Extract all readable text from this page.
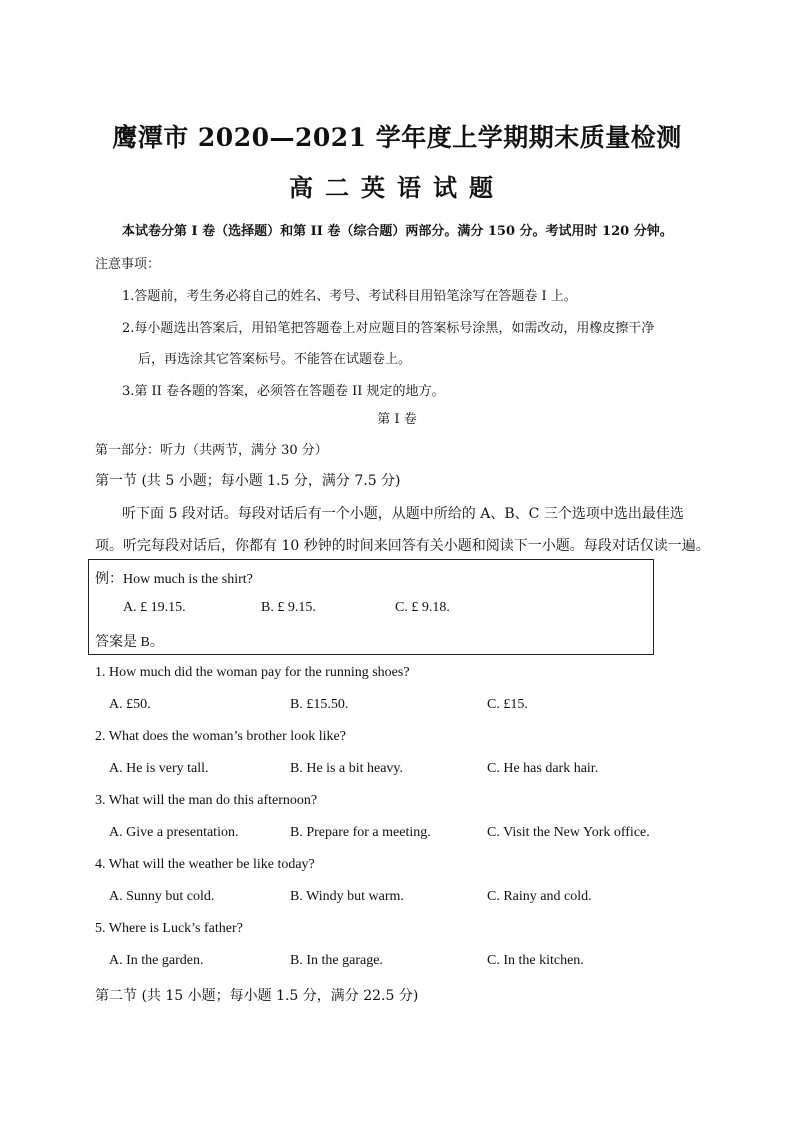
鹰潭市 2020—2021 学年度上学期期末质量检测
高二英语试题
本试卷分第 I 卷（选择题）和第 II 卷（综合题）两部分。满分 150 分。考试用时 120 分钟。
注意事项：
1.答题前，考生务必将自己的姓名、考号、考试科目用铅笔涂写在答题卷 I 上。
2.每小题选出答案后，用铅笔把答题卷上对应题目的答案标号涂黑，如需改动，用橡皮擦干净
后，再选涂其它答案标号。不能答在试题卷上。
3.第 II 卷各题的答案，必须答在答题卷 II 规定的地方。
第 I 卷
第一部分：听力（共两节，满分 30 分）
第一节 (共 5 小题；每小题 1.5 分，满分 7.5 分)
听下面 5 段对话。每段对话后有一个小题，从题中所给的 A、B、C 三个选项中选出最佳选
项。听完每段对话后，你都有 10 秒钟的时间来回答有关小题和阅读下一小题。每段对话仅读一遍。
例：How much is the shirt?
A. £ 19.15.	B. £ 9.15.	C. £ 9.18.
答案是 B。
1. How much did the woman pay for the running shoes?
A. £50.	B. £15.50.	C. £15.
2. What does the woman’s brother look like?
A. He is very tall.	B. He is a bit heavy.	C. He has dark hair.
3. What will the man do this afternoon?
A. Give a presentation.	B. Prepare for a meeting.	C. Visit the New York office.
4. What will the weather be like today?
A. Sunny but cold.	B. Windy but warm.	C. Rainy and cold.
5. Where is Luck’s father?
A. In the garden.	B. In the garage.	C. In the kitchen.
第二节 (共 15 小题；每小题 1.5 分，满分 22.5 分)
